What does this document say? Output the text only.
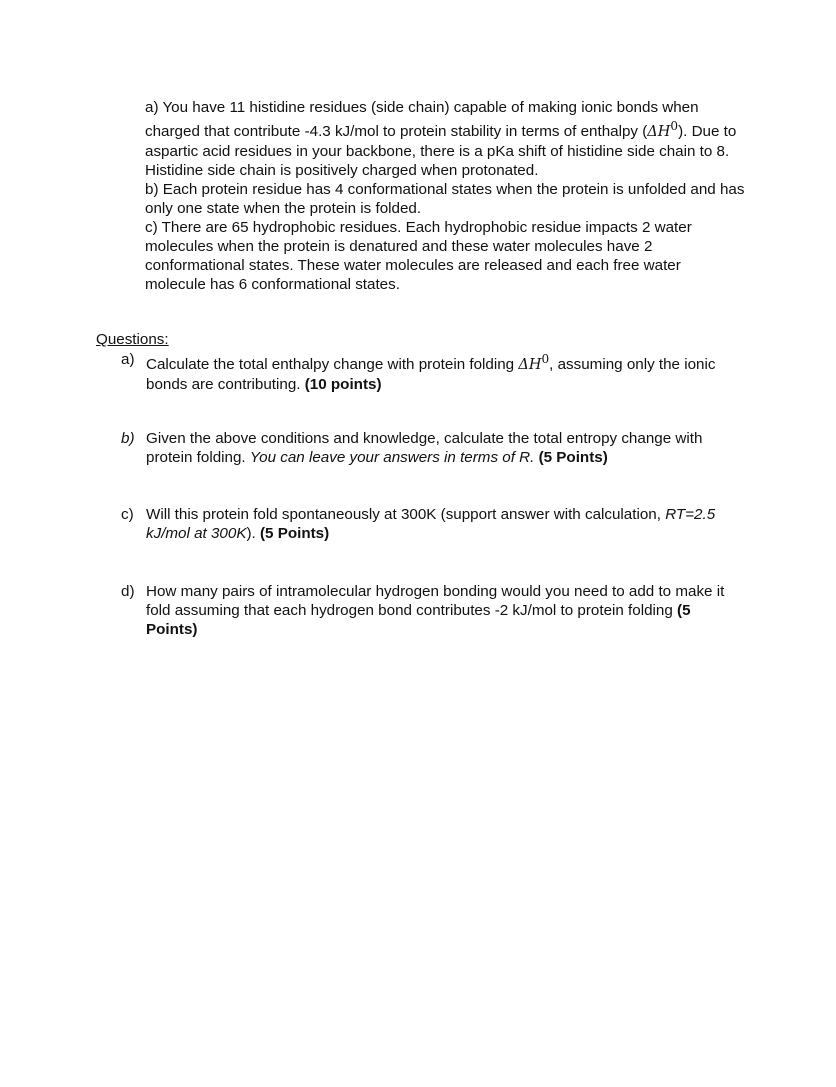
a) You have 11 histidine residues (side chain) capable of making ionic bonds when charged that contribute -4.3 kJ/mol to protein stability in terms of enthalpy $(\Delta H^0)$. Due to aspartic acid residues in your backbone, there is a pKa shift of histidine side chain to 8. Histidine side chain is positively charged when protonated.

b) Each protein residue has 4 conformational states when the protein is unfolded and has only one state when the protein is folded.

c) There are 65 hydrophobic residues. Each hydrophobic residue impacts 2 water molecules when the protein is denatured and these water molecules have 2 conformational states. These water molecules are released and each free water molecule has 6 conformational states.

Questions:

a) Calculate the total enthalpy change with protein folding $\Delta H^0$, assuming only the ionic bonds are contributing. (10 points)
b) Given the above conditions and knowledge, calculate the total entropy change with protein folding. You can leave your answers in terms of R. (5 Points)
c) Will this protein fold spontaneously at 300K (support answer with calculation, RT=2.5 kJ/mol at 300K). (5 Points)
d) How many pairs of intramolecular hydrogen bonding would you need to add to make it fold assuming that each hydrogen bond contributes -2 kJ/mol to protein folding (5 Points)
